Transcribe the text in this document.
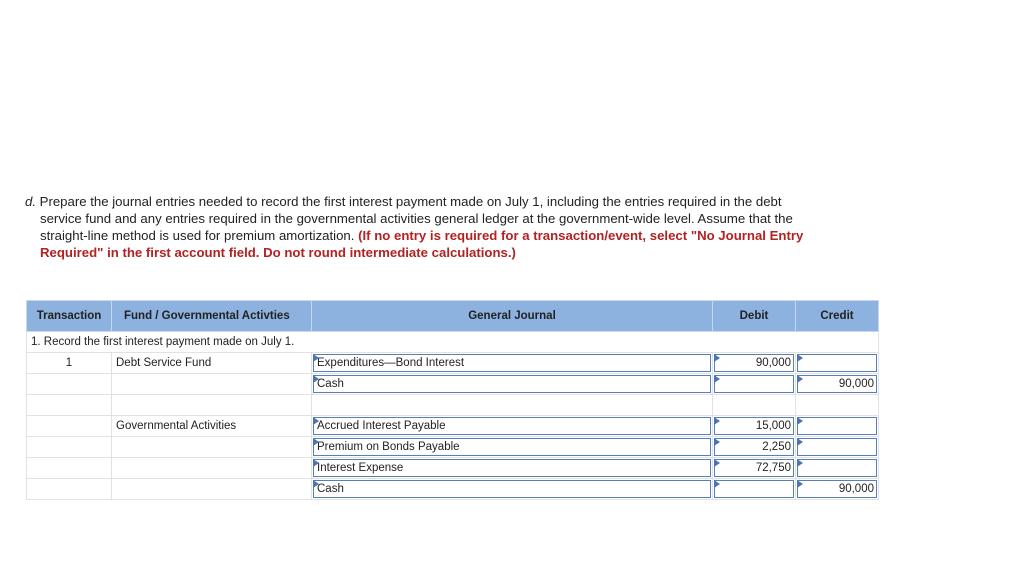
d. Prepare the journal entries needed to record the first interest payment made on July 1, including the entries required in the debt
service fund and any entries required in the governmental activities general ledger at the government-wide level. Assume that the
straight-line method is used for premium amortization. (If no entry is required for a transaction/event, select "No Journal Entry
Required" in the first account field. Do not round intermediate calculations.)
Transaction	Fund / Governmental Activties	General Journal	Debit	Credit
1. Record the first interest payment made on July 1.				
1	Debt Service Fund	Expenditures—Bond Interest	90,000	

		Cash		90,000

	Governmental Activities	Accrued Interest Payable	15,000	

		Premium on Bonds Payable	2,250	

		Interest Expense	72,750	

		Cash		90,000
